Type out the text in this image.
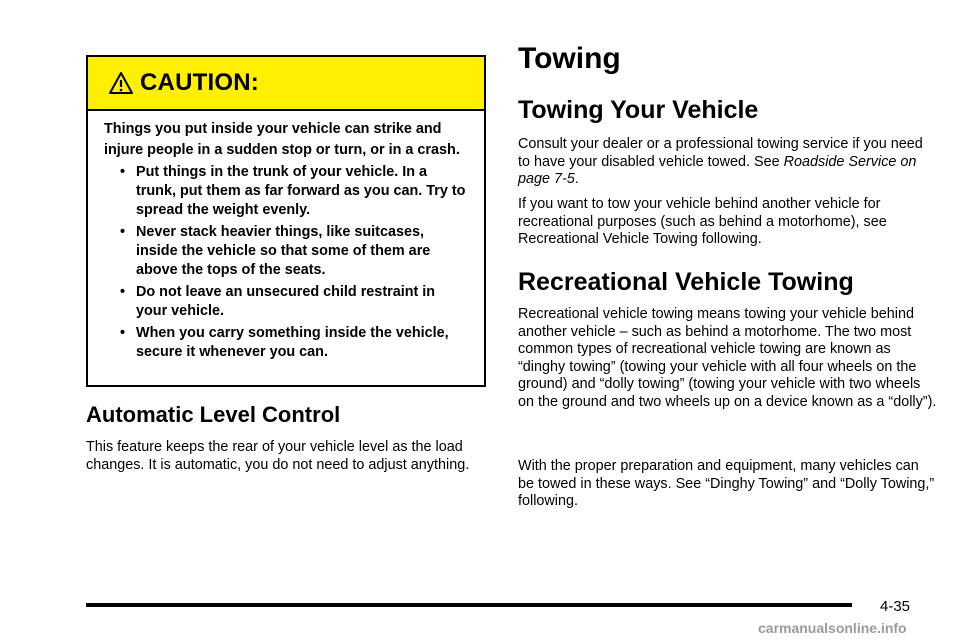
CAUTION:

Things you put inside your vehicle can strike and injure people in a sudden stop or turn, or in a crash.

• Put things in the trunk of your vehicle. In a trunk, put them as far forward as you can. Try to spread the weight evenly.
• Never stack heavier things, like suitcases, inside the vehicle so that some of them are above the tops of the seats.
• Do not leave an unsecured child restraint in your vehicle.
• When you carry something inside the vehicle, secure it whenever you can.
Automatic Level Control

This feature keeps the rear of your vehicle level as the load changes. It is automatic, you do not need to adjust anything.

Towing
Towing Your Vehicle

Consult your dealer or a professional towing service if you need to have your disabled vehicle towed. See Roadside Service on page 7-5.

If you want to tow your vehicle behind another vehicle for recreational purposes (such as behind a motorhome), see Recreational Vehicle Towing following.

Recreational Vehicle Towing

Recreational vehicle towing means towing your vehicle behind another vehicle – such as behind a motorhome. The two most common types of recreational vehicle towing are known as “dinghy towing” (towing your vehicle with all four wheels on the ground) and “dolly towing” (towing your vehicle with two wheels on the ground and two wheels up on a device known as a “dolly”).

With the proper preparation and equipment, many vehicles can be towed in these ways. See “Dinghy Towing” and “Dolly Towing,” following.

4-35
carmanualsonline.info
